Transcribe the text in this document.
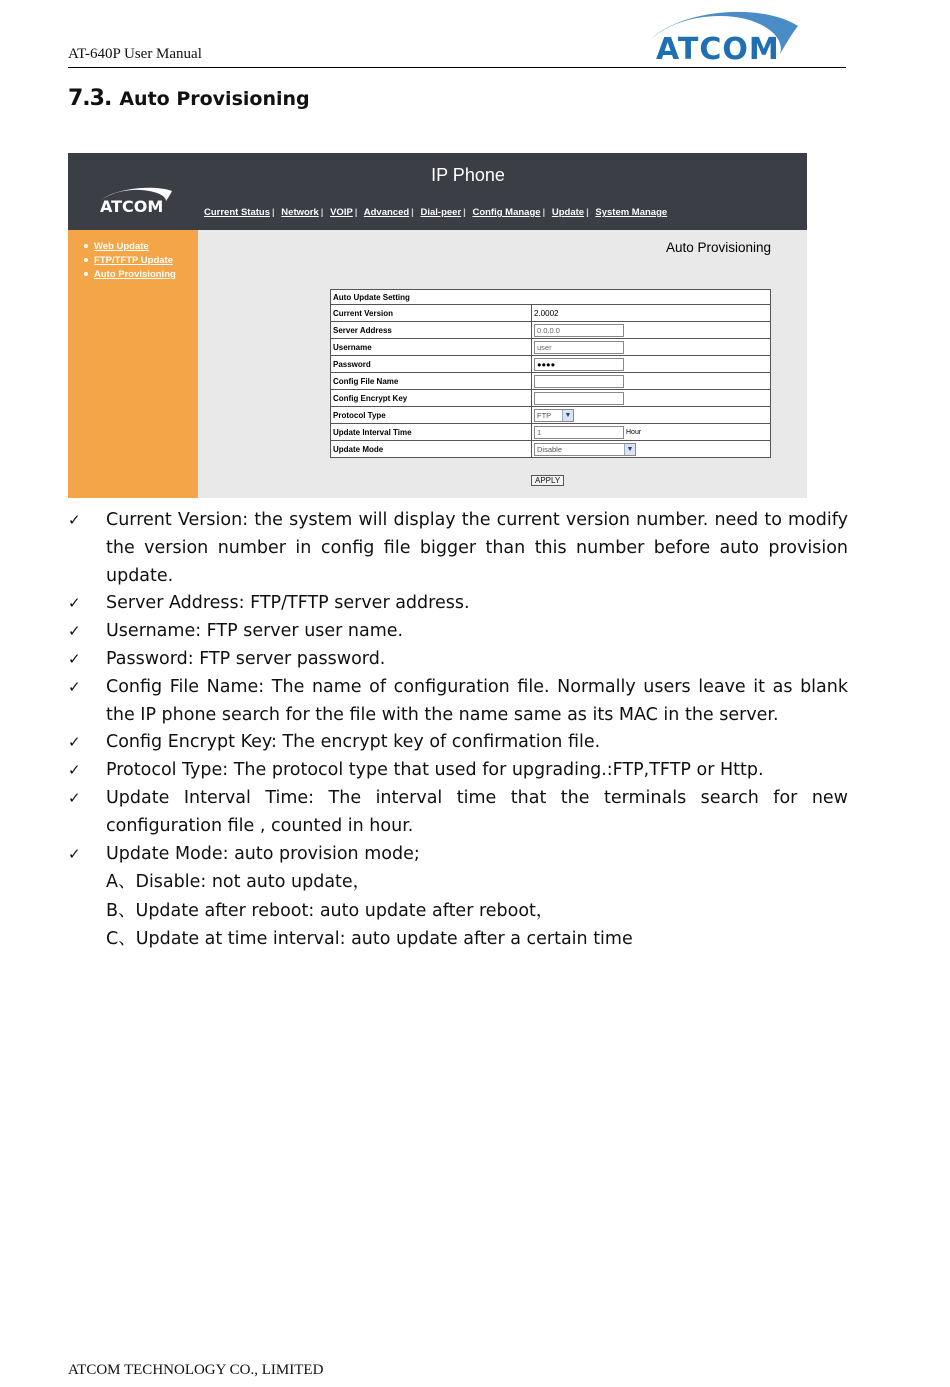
AT-640P User Manual	ATCOM
7.3. Auto Provisioning
IP Phone
ATCOM	Current Status | Network | VOIP | Advanced | Dial-peer | Config Manage | Update | System Manage
Web Update
FTP/TFTP Update
Auto Provisioning
Auto Provisioning
Auto Update Setting	
Current Version	2.0002
Server Address	0.0.0.0
Username	user
Password	●●●●
Config File Name	
Config Encrypt Key	
Protocol Type	FTP ▼

Update Interval Time	1 Hour
Update Mode	Disable ▼
APPLY
✓ Current Version: the system will display the current version number. need to modify the version number in config file bigger than this number before auto provision update.
✓ Server Address: FTP/TFTP server address.
✓ Username: FTP server user name.
✓ Password: FTP server password.
✓ Config File Name: The name of configuration file. Normally users leave it as blank the IP phone search for the file with the name same as its MAC in the server.
✓ Config Encrypt Key: The encrypt key of confirmation file.
✓ Protocol Type: The protocol type that used for upgrading.:FTP,TFTP or Http.
✓ Update Interval Time: The interval time that the terminals search for new configuration file , counted in hour.
✓ Update Mode: auto provision mode;
A、Disable: not auto update，
B、Update after reboot: auto update after reboot，
C、Update at time interval: auto update after a certain time
ATCOM TECHNOLOGY CO., LIMITED
